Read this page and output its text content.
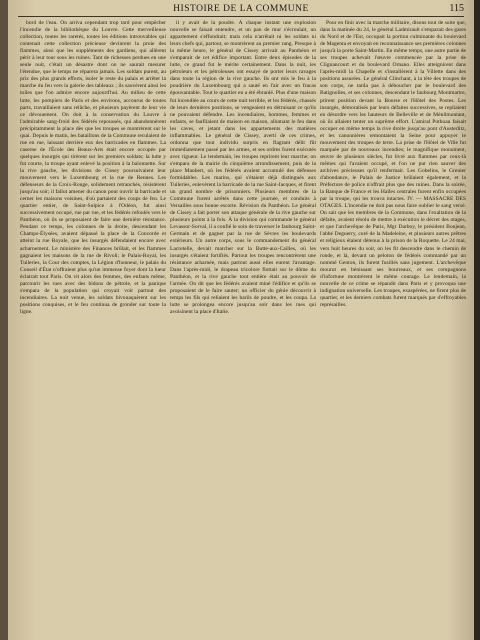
HISTOIRE DE LA COMMUNE	115

bord de l'eau. On arriva cependant trop tard pour empêcher l'incendie de la bibliothèque du Louvre. Cette merveilleuse collection, toutes les raretés, toutes les éditions introuvables qui contenait cette collection précieuse devinrent la proie des flammes, ainsi que les suppléments des gardiens, qui allèrent périr à leur tour sous les ruines. Tant de richesses perdues en une seule nuit, c'était un désastre dont on ne saurait mesurer l'étendue, que le temps ne réparera jamais. Les soldats purent, au prix des plus grands efforts, isoler le reste du palais et arrêter la marche du feu vers la galerie des tableaux ; ils sauvèrent ainsi les toiles que l'on admire encore aujourd'hui. Au milieu de cette lutte, les pompiers de Paris et des environs, accourus de toutes parts, travaillaient sans relâche, et plusieurs payèrent de leur vie ce dévouement. On doit à la conservation du Louvre à l'admirable sang-froid des fédérés repoussés, qui abandonnèrent précipitamment la place dès que les troupes se montrèrent sur le quai. Depuis le matin, les bataillons de la Commune reculaient de rue en rue, laissant derrière eux des barricades en flammes. La caserne de l'École des Beaux-Arts était encore occupée par quelques insurgés qui tirèrent sur les premiers soldats; la lutte y fut courte, la troupe ayant enlevé la position à la baïonnette. Sur la rive gauche, les divisions de Cissey poursuivaient leur mouvement vers le Luxembourg et la rue de Rennes. Les défenseurs de la Croix-Rouge, solidement retranchés, résistèrent jusqu'au soir; il fallut amener du canon pour ouvrir la barricade et cerner les maisons voisines, d'où partaient des coups de feu. Le quartier entier, de Saint-Sulpice à l'Odéon, fut ainsi successivement occupé, rue par rue, et les fédérés refoulés vers le Panthéon, où ils se proposaient de faire une dernière résistance. Pendant ce temps, les colonnes de la droite, descendant les Champs-Élysées, avaient dépassé la place de la Concorde et atteint la rue Royale, que les insurgés défendaient encore avec acharnement. Le ministère des Finances brûlait, et les flammes gagnaient les maisons de la rue de Rivoli; le Palais-Royal, les Tuileries, la Cour des comptes, la Légion d'honneur, le palais du Conseil d'État n'offraient plus qu'un immense foyer dont la lueur éclairait tout Paris. On vit alors des femmes, des enfants même, parcourir les rues avec des bidons de pétrole, et la panique s'empara de la population qui croyait voir partout des incendiaires. La nuit venue, les soldats bivouaquèrent sur les positions conquises, et le feu continua de gronder sur toute la ligne.

il y avait de la poudre. À chaque instant une explosion nouvelle se faisait entendre, et un pan de mur s'écroulait, un appartement s'effondrait; mais cela n'arrêtait ni les soldats ni leurs chefs qui, partout, se montrèrent au premier rang. Presque à la même heure, le général de Cissey arrivait au Panthéon et s'emparait de cet édifice important. Entre deux épisodes de la lutte, ce grand fut le mérite certainement. Dans la nuit, les pétroleurs et les pétroleuses ont essayé de porter leurs ravages dans toute la région de la rive gauche. Ils ont mis le feu à la poudrière du Luxembourg qui a sauté en l'air avec un fracas épouvantable. Tout le quartier en a été ébranlé. Plus d'une maison fut incendiée au cours de cette nuit terrible, et les fédérés, chassés de leurs dernières positions, se vengeaient en détruisant ce qu'ils ne pouvaient défendre. Les incendiaires, hommes, femmes et enfants, se faufilaient de maison en maison, allumant le feu dans les caves, et jetant dans les appartements des matières inflammables. Le général de Cissey, averti de ces crimes, ordonna que tout individu surpris en flagrant délit fût immédiatement passé par les armes, et ses ordres furent exécutés avec rigueur. Le lendemain, les troupes reprirent leur marche; on s'empara de la mairie du cinquième arrondissement, puis de la place Maubert, où les fédérés avaient accumulé des défenses formidables. Les marins, qui s'étaient déjà distingués aux Tuileries, enlevèrent la barricade de la rue Saint-Jacques, et firent un grand nombre de prisonniers. Plusieurs membres de la Commune furent arrêtés dans cette journée, et conduits à Versailles sous bonne escorte. Révision du Panthéon. Le général de Cissey a fait porter son attaque générale de la rive gauche sur plusieurs points à la fois. À la division qui commande le général Levassor-Sorval, il a confié le soin de traverser le faubourg Saint-Germain et de gagner par la rue de Sèvres les boulevards extérieurs. Un autre corps, sous le commandement du général Lacretelle, devait marcher sur la Butte-aux-Cailles, où les insurgés s'étaient fortifiés. Partout les troupes rencontrèrent une résistance acharnée, mais partout aussi elles eurent l'avantage. Dans l'après-midi, le drapeau tricolore flottait sur le dôme du Panthéon, et la rive gauche tout entière était au pouvoir de l'armée. On dit que les fédérés avaient miné l'édifice et qu'ils se proposaient de le faire sauter; un officier du génie découvrit à temps les fils qui reliaient les barils de poudre, et les coupa. La lutte se prolongea encore jusqu'au soir dans les rues qui avoisinent la place d'Italie.

Pour en finir avec la marche militaire, disons tout de suite que, dans la matinée du 24, le général Ladmirault s'emparait des gares du Nord et de l'Est, occupait la portion culminante du boulevard de Magenta et envoyait en reconnaissance ses premières colonnes jusqu'à la porte Saint-Martin. En même temps, une autre partie de ses troupes achevait l'œuvre commencée par la prise de Clignancourt et du boulevard Ornano. Elles atteignirent dans l'après-midi la Chapelle et s'installèrent à la Villette dans des positions assurées. Le général Clinchant, à la tête des troupes de son corps, ne tarda pas à déboucher par le boulevard des Batignolles, et ses colonnes, descendant le faubourg Montmartre, prirent position devant la Bourse et l'Hôtel des Postes. Les insurgés, démoralisés par leurs défaites successives, se repliaient en désordre vers les hauteurs de Belleville et de Ménilmontant, où ils allaient tenter un suprême effort. L'amiral Pothuau faisait occuper en même temps la rive droite jusqu'au pont d'Austerlitz, et les canonnières remontaient la Seine pour appuyer le mouvement des troupes de terre. La prise de l'Hôtel de Ville fut marquée par de nouveaux incendies; le magnifique monument, œuvre de plusieurs siècles, fut livré aux flammes par ceux-là mêmes qui l'avaient occupé, et l'on ne put rien sauver des archives précieuses qu'il renfermait. Les Gobelins, le Grenier d'abondance, le Palais de Justice brûlaient également, et la Préfecture de police n'offrait plus que des ruines. Dans la soirée, la Banque de France et les Halles centrales furent enfin occupées par la troupe, qui les trouva intactes. IV. — MASSACRE DES OTAGES. L'incendie ne doit pas nous faire oublier le sang versé. On sait que les membres de la Commune, dans l'exaltation de la défaite, avaient résolu de mettre à exécution le décret des otages, et que l'archevêque de Paris, Mgr Darboy, le président Bonjean, l'abbé Deguerry, curé de la Madeleine, et plusieurs autres prêtres et religieux étaient détenus à la prison de la Roquette. Le 24 mai, vers huit heures du soir, on les fit descendre dans le chemin de ronde, et là, devant un peloton de fédérés commandé par un nommé Genton, ils furent fusillés sans jugement. L'archevêque mourut en bénissant ses bourreaux, et ses compagnons d'infortune montrèrent le même courage. Le lendemain, la nouvelle de ce crime se répandit dans Paris et y provoqua une indignation universelle. Les troupes, exaspérées, ne firent plus de quartier, et les derniers combats furent marqués par d'effroyables représailles.
